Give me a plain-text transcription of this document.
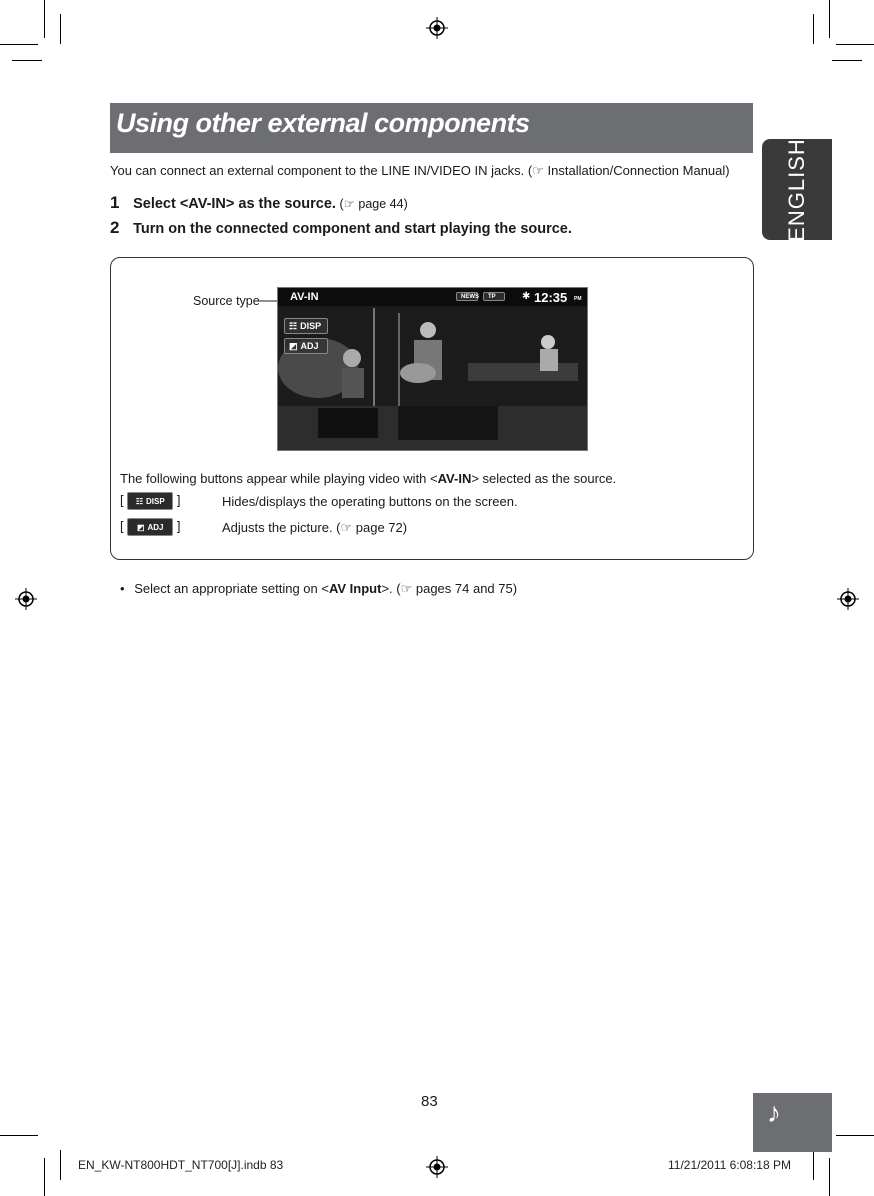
Using other external components
ENGLISH
You can connect an external component to the LINE IN/VIDEO IN jacks. (☞ Installation/Connection Manual)
1 Select <AV-IN> as the source. (☞ page 44)
2 Turn on the connected component and start playing the source.
Source type	AV-IN	NEWS TP	✱ 12:35 PM
☷ DISP
◩ ADJ
The following buttons appear while playing video with <AV-IN> selected as the source.
[ ☷ DISP ]	Hides/displays the operating buttons on the screen.
[ ◩ ADJ ]	Adjusts the picture. (☞ page 72)
• Select an appropriate setting on <AV Input>. (☞ pages 74 and 75)
83	♪
EN_KW-NT800HDT_NT700[J].indb 83	11/21/2011 6:08:18 PM
